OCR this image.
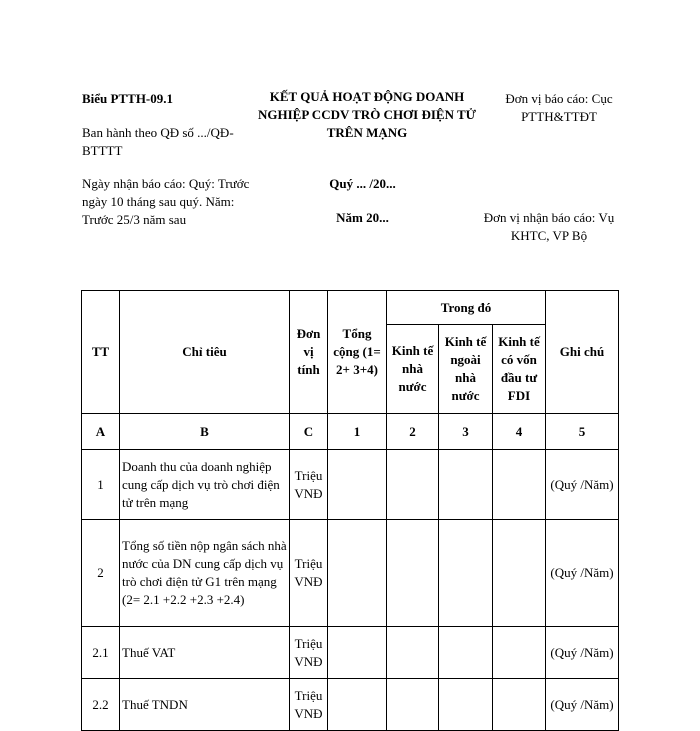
Biểu PTTH-09.1
Ban hành theo QĐ số .../QĐ-BTTTT
KẾT QUẢ HOẠT ĐỘNG DOANH NGHIỆP CCDV TRÒ CHƠI ĐIỆN TỬ TRÊN MẠNG
Đơn vị báo cáo: Cục PTTH&TTĐT
Ngày nhận báo cáo: Quý: Trước ngày 10 tháng sau quý. Năm: Trước 25/3 năm sau
Quý ... /20...
Năm 20...	Đơn vị nhận báo cáo: Vụ KHTC, VP Bộ
TT	Chỉ tiêu	Đơn vị tính	Tổng cộng (1= 2+ 3+4)	Trong đó			Ghi chú
				Kinh tế nhà nước	Kinh tế ngoài nhà nước	Kinh tế có vốn đầu tư FDI	
A	B	C	1	2	3	4	5
1	Doanh thu của doanh nghiệp cung cấp dịch vụ trò chơi điện tử trên mạng	Triệu VNĐ					(Quý /Năm)
2	Tổng số tiền nộp ngân sách nhà nước của DN cung cấp dịch vụ trò chơi điện tử G1 trên mạng (2= 2.1 +2.2 +2.3 +2.4)	Triệu VNĐ					(Quý /Năm)
2.1	Thuế VAT	Triệu VNĐ					(Quý /Năm)
2.2	Thuế TNDN	Triệu VNĐ					(Quý /Năm)
